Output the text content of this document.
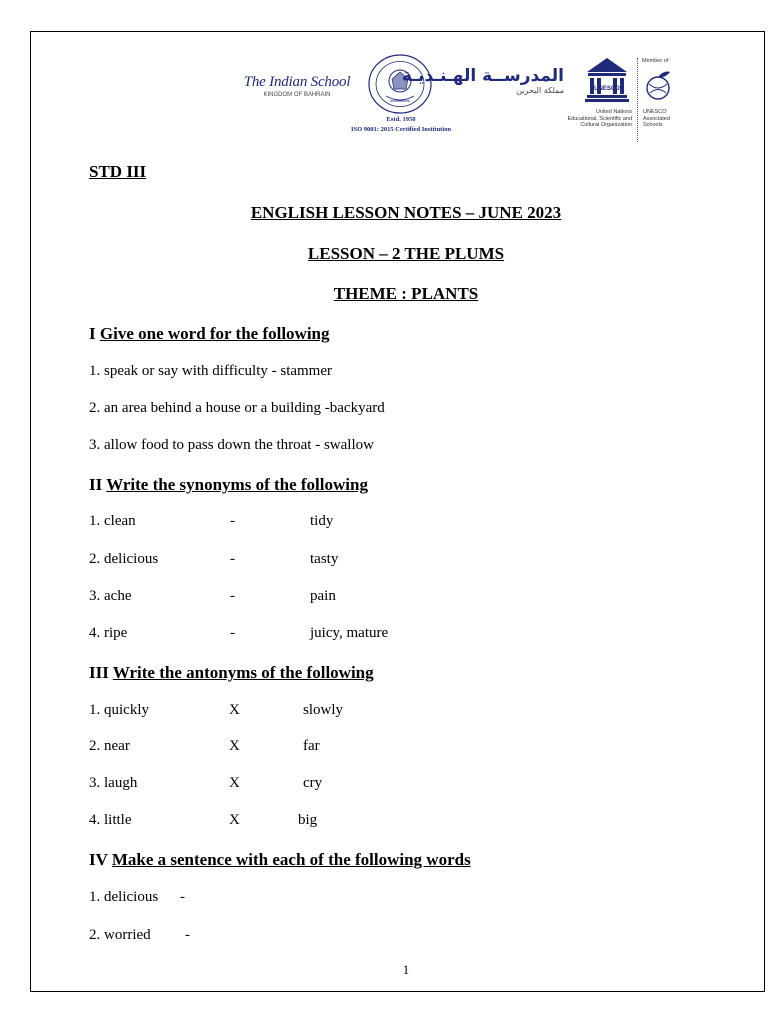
The Indian School
KINGDOM OF BAHRAIN
Estd. 1950
ISO 9001: 2015 Certified Institution
المدرســة الهـنـديـة
مملكة البحرين	UNESCO
United Nations
Educational, Scientific and
Cultural Organization
Member of
UNESCO
Associated
Schools
STD III
ENGLISH LESSON NOTES – JUNE 2023
LESSON – 2 THE PLUMS
THEME : PLANTS
I Give one word for the following
1. speak or say with difficulty - stammer
2. an area behind a house or a building -backyard
3. allow food to pass down the throat - swallow
II Write the synonyms of the following
1. clean	-	tidy
2. delicious	-	tasty
3. ache	-	pain
4. ripe	-	juicy, mature
III Write the antonyms of the following
1. quickly	X	slowly
2. near	X	far
3. laugh	X	cry
4. little	X	big
IV Make a sentence with each of the following words
1. delicious -
2. worried -
1
